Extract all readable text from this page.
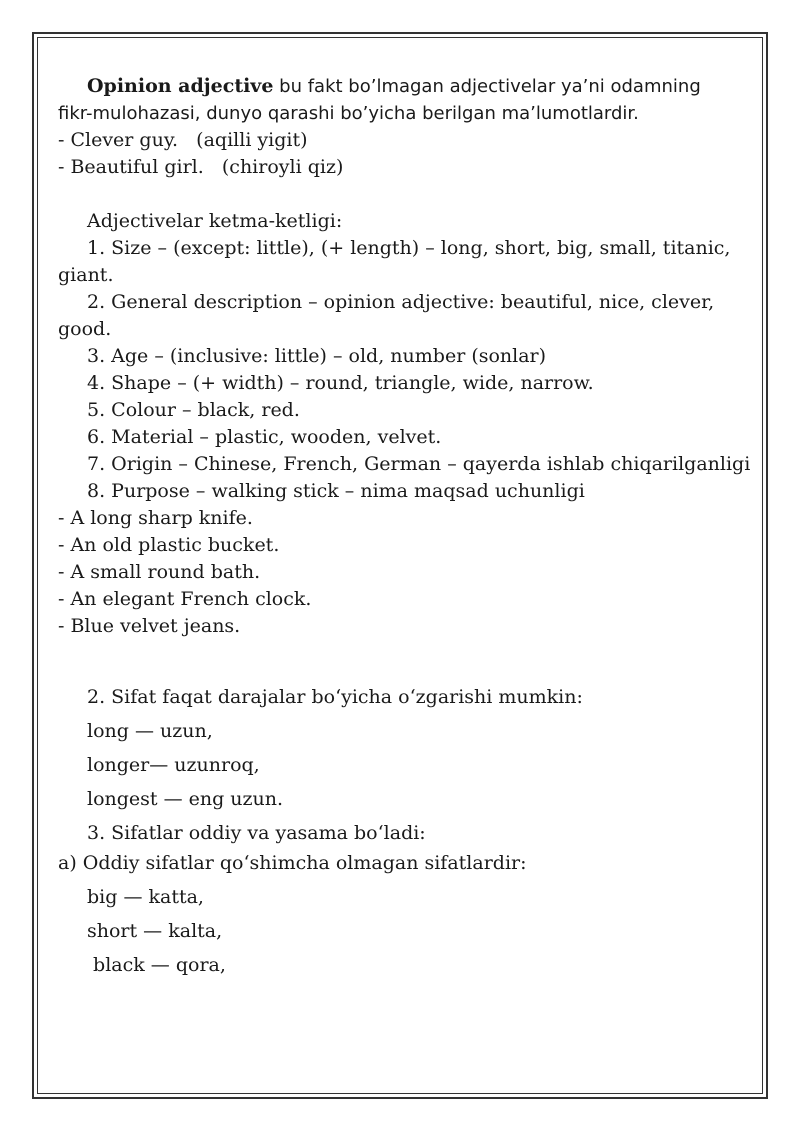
Opinion adjective bu fakt bo’lmagan adjectivelar ya’ni odamning

fikr-mulohazasi, dunyo qarashi bo’yicha berilgan ma’lumotlardir.

- Clever guy.   (aqilli yigit)

- Beautiful girl.   (chiroyli qiz)

Adjectivelar ketma-ketligi:

1. Size – (except: little), (+ length) – long, short, big, small, titanic, giant.

2. General description – opinion adjective: beautiful, nice, clever, good.

3. Age – (inclusive: little) – old, number (sonlar)

4. Shape – (+ width) – round, triangle, wide, narrow.

5. Colour – black, red.

6. Material – plastic, wooden, velvet.

7. Origin – Chinese, French, German – qayerda ishlab chiqarilganligi

8. Purpose – walking stick – nima maqsad uchunligi

- A long sharp knife.

- An old plastic bucket.

- A small round bath.

- An elegant French clock.

- Blue velvet jeans.

2. Sifat faqat darajalar bo‘yicha o‘zgarishi mumkin:

long — uzun,

longer— uzunroq,

longest — eng uzun.

3. Sifatlar oddiy va yasama bo‘ladi:

a) Oddiy sifatlar qo‘shimcha olmagan sifatlardir:

big — katta,

short — kalta,

black — qora,
